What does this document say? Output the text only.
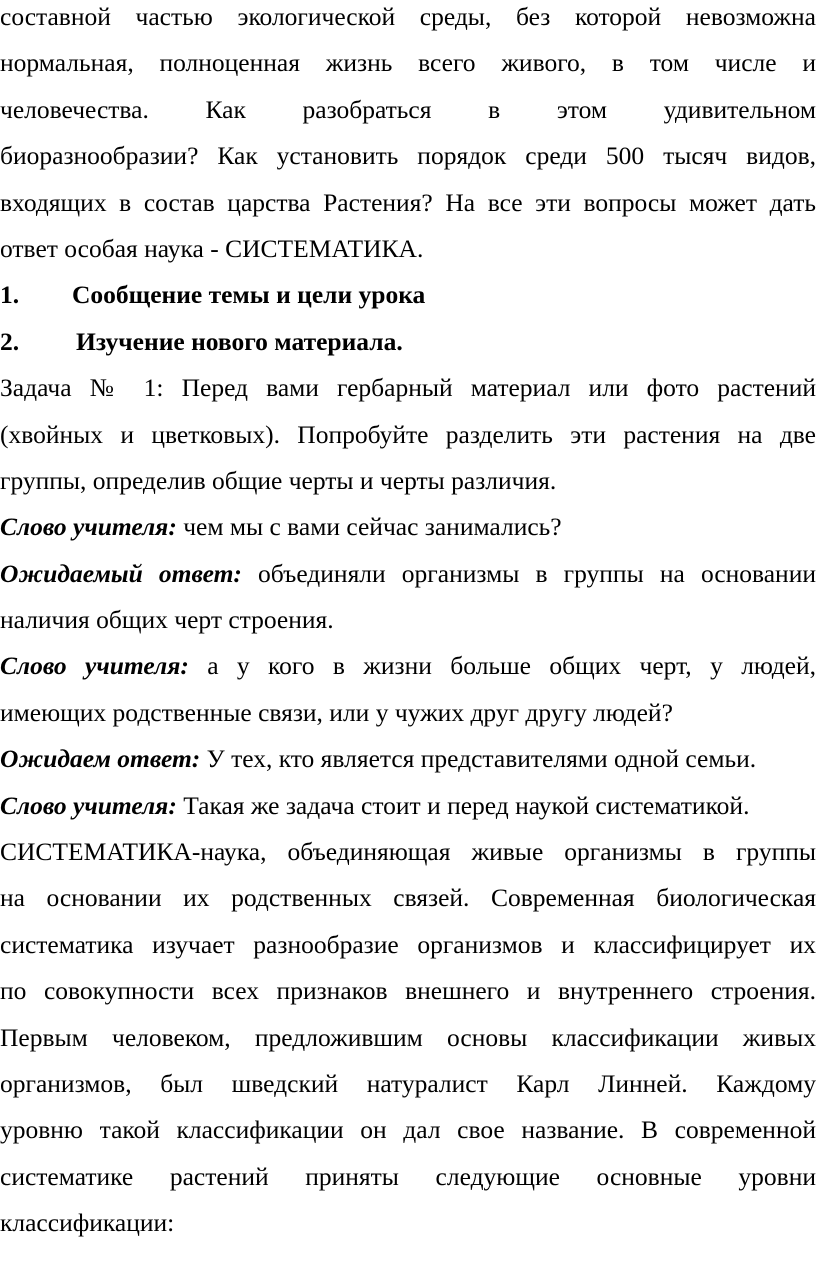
составной частью экологической среды, без которой невозможна
нормальная, полноценная жизнь всего живого, в том числе и
человечества. Как разобраться в этом удивительном
биоразнообразии? Как установить порядок среди 500 тысяч видов,
входящих в состав царства Растения? На все эти вопросы может дать
ответ особая наука - СИСТЕМАТИКА.
1. Сообщение темы и цели урока
2. Изучение нового материала.
Задача № 1: Перед вами гербарный материал или фото растений
(хвойных и цветковых). Попробуйте разделить эти растения на две
группы, определив общие черты и черты различия.
Слово учителя: чем мы с вами сейчас занимались?
Ожидаемый ответ: объединяли организмы в группы на основании
наличия общих черт строения.
Слово учителя: а у кого в жизни больше общих черт, у людей,
имеющих родственные связи, или у чужих друг другу людей?
Ожидаем ответ: У тех, кто является представителями одной семьи.
Слово учителя: Такая же задача стоит и перед наукой систематикой.
СИСТЕМАТИКА-наука, объединяющая живые организмы в группы
на основании их родственных связей. Современная биологическая
систематика изучает разнообразие организмов и классифицирует их
по совокупности всех признаков внешнего и внутреннего строения.
Первым человеком, предложившим основы классификации живых
организмов, был шведский натуралист Карл Линней. Каждому
уровню такой классификации он дал свое название. В современной
систематике растений приняты следующие основные уровни
классификации:
